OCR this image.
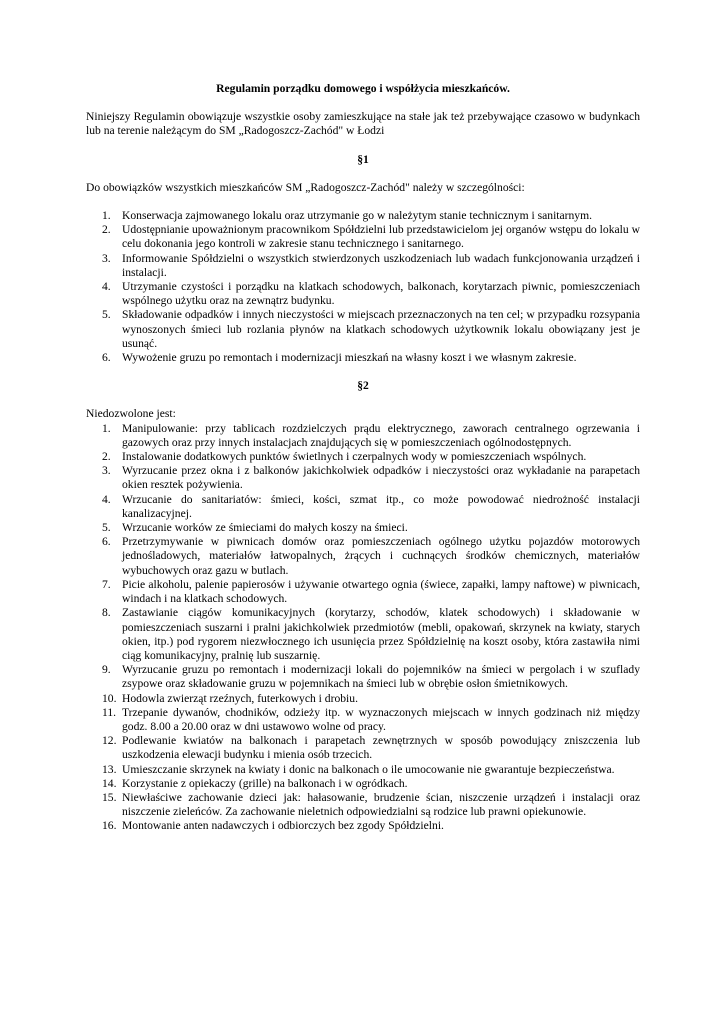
Regulamin porządku domowego i współżycia mieszkańców.
Niniejszy Regulamin obowiązuje wszystkie osoby zamieszkujące na stałe jak też przebywające czasowo w budynkach lub na terenie należącym do SM „Radogoszcz-Zachód" w Łodzi
§1
Do obowiązków wszystkich mieszkańców SM „Radogoszcz-Zachód" należy w szczególności:
1. Konserwacja zajmowanego lokalu oraz utrzymanie go w należytym stanie technicznym i sanitarnym.
2. Udostępnianie upoważnionym pracownikom Spółdzielni lub przedstawicielom jej organów wstępu do lokalu w celu dokonania jego kontroli w zakresie stanu technicznego i sanitarnego.
3. Informowanie Spółdzielni o wszystkich stwierdzonych uszkodzeniach lub wadach funkcjonowania urządzeń i instalacji.
4. Utrzymanie czystości i porządku na klatkach schodowych, balkonach, korytarzach piwnic, pomieszczeniach wspólnego użytku oraz na zewnątrz budynku.
5. Składowanie odpadków i innych nieczystości w miejscach przeznaczonych na ten cel; w przypadku rozsypania wynoszonych śmieci lub rozlania płynów na klatkach schodowych użytkownik lokalu obowiązany jest je usunąć.
6. Wywożenie gruzu po remontach i modernizacji mieszkań na własny koszt i we własnym zakresie.
§2
Niedozwolone jest:
1. Manipulowanie: przy tablicach rozdzielczych prądu elektrycznego, zaworach centralnego ogrzewania i gazowych oraz przy innych instalacjach znajdujących się w pomieszczeniach ogólnodostępnych.
2. Instalowanie dodatkowych punktów świetlnych i czerpalnych wody w pomieszczeniach wspólnych.
3. Wyrzucanie przez okna i z balkonów jakichkolwiek odpadków i nieczystości oraz wykładanie na parapetach okien resztek pożywienia.
4. Wrzucanie do sanitariatów: śmieci, kości, szmat itp., co może powodować niedrożność instalacji kanalizacyjnej.
5. Wrzucanie worków ze śmieciami do małych koszy na śmieci.
6. Przetrzymywanie w piwnicach domów oraz pomieszczeniach ogólnego użytku pojazdów motorowych jednośladowych, materiałów łatwopalnych, żrących i cuchnących środków chemicznych, materiałów wybuchowych oraz gazu w butlach.
7. Picie alkoholu, palenie papierosów i używanie otwartego ognia (świece, zapałki, lampy naftowe) w piwnicach, windach i na klatkach schodowych.
8. Zastawianie ciągów komunikacyjnych (korytarzy, schodów, klatek schodowych) i składowanie w pomieszczeniach suszarni i pralni jakichkolwiek przedmiotów (mebli, opakowań, skrzynek na kwiaty, starych okien, itp.) pod rygorem niezwłocznego ich usunięcia przez Spółdzielnię na koszt osoby, która zastawiła nimi ciąg komunikacyjny, pralnię lub suszarnię.
9. Wyrzucanie gruzu po remontach i modernizacji lokali do pojemników na śmieci w pergolach i w szuflady zsypowe oraz składowanie gruzu w pojemnikach na śmieci lub w obrębie osłon śmietnikowych.
10. Hodowla zwierząt rzeźnych, futerkowych i drobiu.
11. Trzepanie dywanów, chodników, odzieży itp. w wyznaczonych miejscach w innych godzinach niż między godz. 8.00 a 20.00 oraz w dni ustawowo wolne od pracy.
12. Podlewanie kwiatów na balkonach i parapetach zewnętrznych w sposób powodujący zniszczenia lub uszkodzenia elewacji budynku i mienia osób trzecich.
13. Umieszczanie skrzynek na kwiaty i donic na balkonach o ile umocowanie nie gwarantuje bezpieczeństwa.
14. Korzystanie z opiekaczy (grille) na balkonach i w ogródkach.
15. Niewłaściwe zachowanie dzieci jak: hałasowanie, brudzenie ścian, niszczenie urządzeń i instalacji oraz niszczenie zieleńców. Za zachowanie nieletnich odpowiedzialni są rodzice lub prawni opiekunowie.
16. Montowanie anten nadawczych i odbiorczych bez zgody Spółdzielni.
